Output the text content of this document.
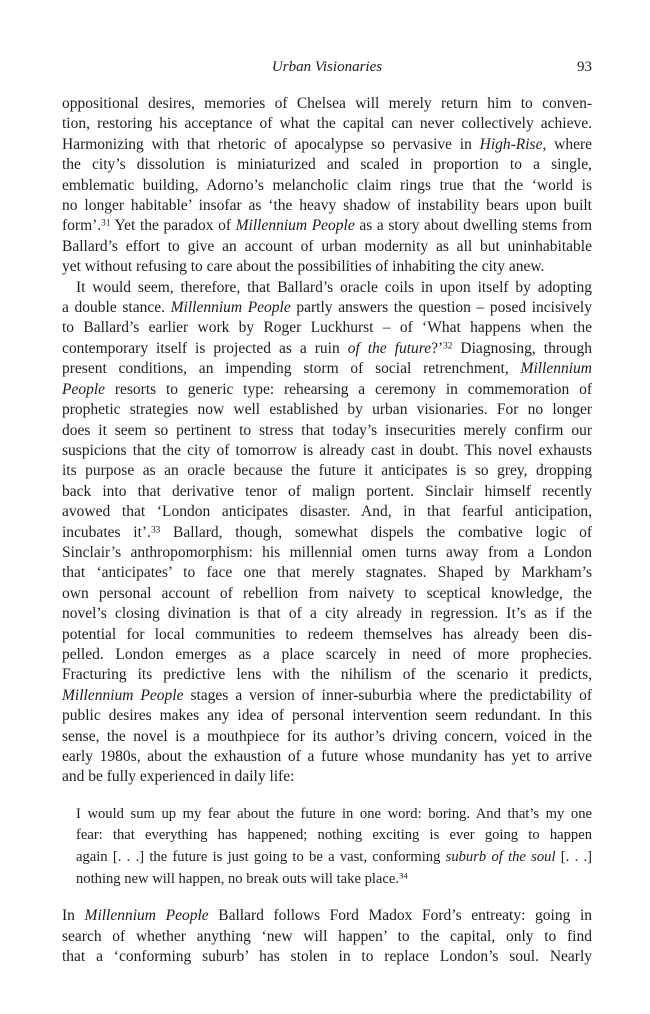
Urban Visionaries	93
oppositional desires, memories of Chelsea will merely return him to conven-
tion, restoring his acceptance of what the capital can never collectively achieve.
Harmonizing with that rhetoric of apocalypse so pervasive in High-Rise, where
the city’s dissolution is miniaturized and scaled in proportion to a single,
emblematic building, Adorno’s melancholic claim rings true that the ‘world is
no longer habitable’ insofar as ‘the heavy shadow of instability bears upon built
form’.$^{31}$ Yet the paradox of Millennium People as a story about dwelling stems from
Ballard’s effort to give an account of urban modernity as all but uninhabitable
yet without refusing to care about the possibilities of inhabiting the city anew.
It would seem, therefore, that Ballard’s oracle coils in upon itself by adopting
a double stance. Millennium People partly answers the question – posed incisively
to Ballard’s earlier work by Roger Luckhurst – of ‘What happens when the
contemporary itself is projected as a ruin of the future?’$^{32}$ Diagnosing, through
present conditions, an impending storm of social retrenchment, Millennium
People resorts to generic type: rehearsing a ceremony in commemoration of
prophetic strategies now well established by urban visionaries. For no longer
does it seem so pertinent to stress that today’s insecurities merely confirm our
suspicions that the city of tomorrow is already cast in doubt. This novel exhausts
its purpose as an oracle because the future it anticipates is so grey, dropping
back into that derivative tenor of malign portent. Sinclair himself recently
avowed that ‘London anticipates disaster. And, in that fearful anticipation,
incubates it’.$^{33}$ Ballard, though, somewhat dispels the combative logic of
Sinclair’s anthropomorphism: his millennial omen turns away from a London
that ‘anticipates’ to face one that merely stagnates. Shaped by Markham’s
own personal account of rebellion from naivety to sceptical knowledge, the
novel’s closing divination is that of a city already in regression. It’s as if the
potential for local communities to redeem themselves has already been dis-
pelled. London emerges as a place scarcely in need of more prophecies.
Fracturing its predictive lens with the nihilism of the scenario it predicts,
Millennium People stages a version of inner-suburbia where the predictability of
public desires makes any idea of personal intervention seem redundant. In this
sense, the novel is a mouthpiece for its author’s driving concern, voiced in the
early 1980s, about the exhaustion of a future whose mundanity has yet to arrive
and be fully experienced in daily life:
I would sum up my fear about the future in one word: boring. And that’s my one
fear: that everything has happened; nothing exciting is ever going to happen
again [. . .] the future is just going to be a vast, conforming suburb of the soul [. . .]
nothing new will happen, no break outs will take place.$^{34}$
In Millennium People Ballard follows Ford Madox Ford’s entreaty: going in
search of whether anything ‘new will happen’ to the capital, only to find
that a ‘conforming suburb’ has stolen in to replace London’s soul. Nearly
